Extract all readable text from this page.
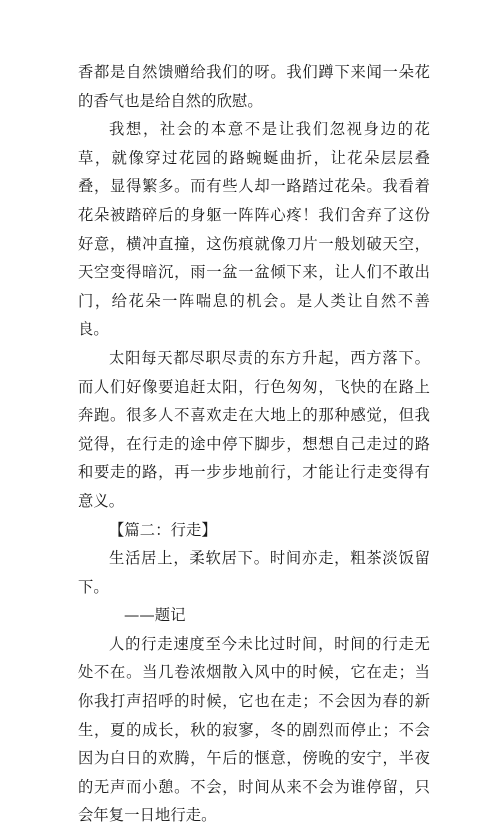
香都是自然馈赠给我们的呀。我们蹲下来闻一朵花的香气也是给自然的欣慰。

我想，社会的本意不是让我们忽视身边的花草，就像穿过花园的路蜿蜒曲折，让花朵层层叠叠，显得繁多。而有些人却一路踏过花朵。我看着花朵被踏碎后的身躯一阵阵心疼！我们舍弃了这份好意，横冲直撞，这伤痕就像刀片一般划破天空，天空变得暗沉，雨一盆一盆倾下来，让人们不敢出门，给花朵一阵喘息的机会。是人类让自然不善良。

太阳每天都尽职尽责的东方升起，西方落下。而人们好像要追赶太阳，行色匆匆，飞快的在路上奔跑。很多人不喜欢走在大地上的那种感觉，但我觉得，在行走的途中停下脚步，想想自己走过的路和要走的路，再一步步地前行，才能让行走变得有意义。

【篇二：行走】

生活居上，柔软居下。时间亦走，粗茶淡饭留下。

——题记

人的行走速度至今未比过时间，时间的行走无处不在。当几卷浓烟散入风中的时候，它在走；当你我打声招呼的时候，它也在走；不会因为春的新生，夏的成长，秋的寂寥，冬的剧烈而停止；不会因为白日的欢腾，午后的惬意，傍晚的安宁，半夜的无声而小憩。不会，时间从来不会为谁停留，只会年复一日地行走。
